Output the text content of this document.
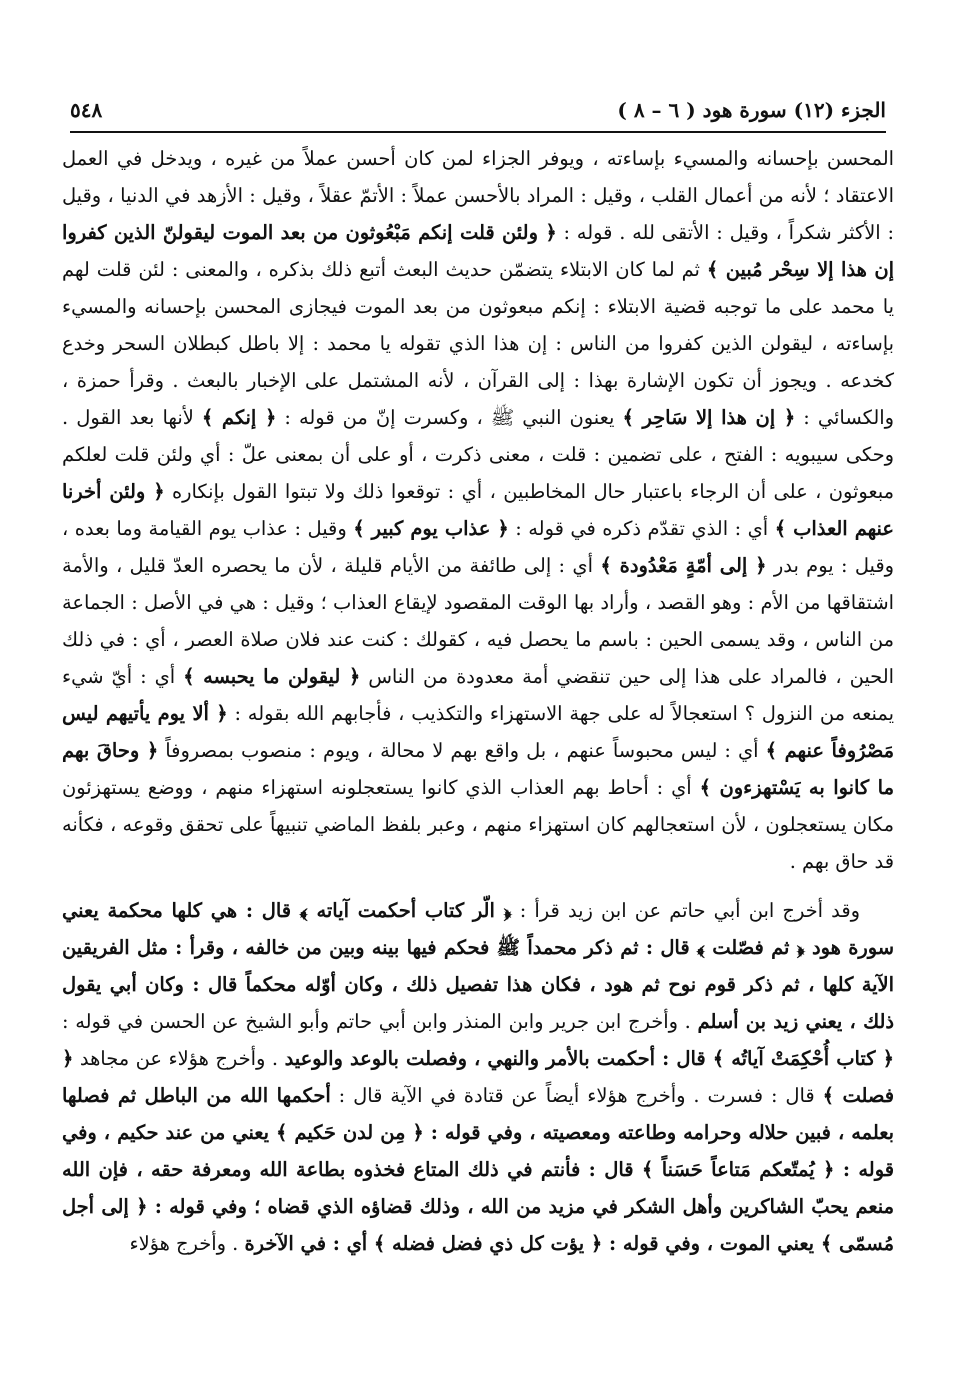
٥٤٨	الجزء (١٢) سورة هود ( ٦ – ٨ )

المحسن بإحسانه والمسيء بإساءته ، ويوفر الجزاء لمن كان أحسن عملاً من غيره ، ويدخل في العمل الاعتقاد ؛ لأنه من أعمال القلب ، وقيل : المراد بالأحسن عملاً : الأتمّ عقلاً ، وقيل : الأزهد في الدنيا ، وقيل : الأكثر شكراً ، وقيل : الأتقى لله . قوله : ﴿ ولئن قلت إنكم مَبْعُوثون من بعد الموت ليقولنّ الذين كفروا إن هذا إلا سِحْر مُبين ﴾ ثم لما كان الابتلاء يتضمّن حديث البعث أتبع ذلك بذكره ، والمعنى : لئن قلت لهم يا محمد على ما توجبه قضية الابتلاء : إنكم مبعوثون من بعد الموت فيجازى المحسن بإحسانه والمسيء بإساءته ، ليقولن الذين كفروا من الناس : إن هذا الذي تقوله يا محمد : إلا باطل كبطلان السحر وخدع كخدعه . ويجوز أن تكون الإشارة بهذا : إلى القرآن ، لأنه المشتمل على الإخبار بالبعث . وقرأ حمزة ، والكسائي : ﴿ إن هذا إلا سَاحِر ﴾ يعنون النبي ﷺ ، وكسرت إنّ من قوله : ﴿ إنكم ﴾ لأنها بعد القول . وحكى سيبويه : الفتح ، على تضمين : قلت ، معنى ذكرت ، أو على أن بمعنى علّ : أي ولئن قلت لعلكم مبعوثون ، على أن الرجاء باعتبار حال المخاطبين ، أي : توقعوا ذلك ولا تبتوا القول بإنكاره ﴿ ولئن أخرنا عنهم العذاب ﴾ أي : الذي تقدّم ذكره في قوله : ﴿ عذاب يوم كبير ﴾ وقيل : عذاب يوم القيامة وما بعده ، وقيل : يوم بدر ﴿ إلى أمّةٍ مَعْدُودة ﴾ أي : إلى طائفة من الأيام قليلة ، لأن ما يحصره العدّ قليل ، والأمة اشتقاقها من الأم : وهو القصد ، وأراد بها الوقت المقصود لإيقاع العذاب ؛ وقيل : هي في الأصل : الجماعة من الناس ، وقد يسمى الحين : باسم ما يحصل فيه ، كقولك : كنت عند فلان صلاة العصر ، أي : في ذلك الحين ، فالمراد على هذا إلى حين تنقضي أمة معدودة من الناس ﴿ ليقولن ما يحبسه ﴾ أي : أيّ شيء يمنعه من النزول ؟ استعجالاً له على جهة الاستهزاء والتكذيب ، فأجابهم الله بقوله : ﴿ ألا يوم يأتيهم ليس مَصْرُوفاً عنهم ﴾ أي : ليس محبوساً عنهم ، بل واقع بهم لا محالة ، ويوم : منصوب بمصروفاً ﴿ وحاقَ بهم ما كانوا به يَسْتهزءون ﴾ أي : أحاط بهم العذاب الذي كانوا يستعجلونه استهزاء منهم ، ووضع يستهزئون مكان يستعجلون ، لأن استعجالهم كان استهزاء منهم ، وعبر بلفظ الماضي تنبيهاً على تحقق وقوعه ، فكأنه قد حاق بهم .

وقد أخرج ابن أبي حاتم عن ابن زيد قرأ : ﴿ الّر كتاب أحكمت آياته ﴾ قال : هي كلها محكمة يعني سورة هود ﴿ ثم فصّلت ﴾ قال : ثم ذكر محمداً ﷺ فحكم فيها بينه وبين من خالفه ، وقرأ : مثل الفريقين الآية كلها ، ثم ذكر قوم نوح ثم هود ، فكان هذا تفصيل ذلك ، وكان أوّله محكماً قال : وكان أبي يقول ذلك ، يعني زيد بن أسلم . وأخرج ابن جرير وابن المنذر وابن أبي حاتم وأبو الشيخ عن الحسن في قوله : ﴿ كتاب أُحْكِمَتْ آياتُه ﴾ قال : أحكمت بالأمر والنهي ، وفصلت بالوعد والوعيد . وأخرج هؤلاء عن مجاهد ﴿ فصلت ﴾ قال : فسرت . وأخرج هؤلاء أيضاً عن قتادة في الآية قال : أحكمها الله من الباطل ثم فصلها بعلمه ، فبين حلاله وحرامه وطاعته ومعصيته ، وفي قوله : ﴿ مِن لدن حَكيم ﴾ يعني من عند حكيم ، وفي قوله : ﴿ يُمتّعكم مَتاعاً حَسَناً ﴾ قال : فأنتم في ذلك المتاع فخذوه بطاعة الله ومعرفة حقه ، فإن الله منعم يحبّ الشاكرين وأهل الشكر في مزيد من الله ، وذلك قضاؤه الذي قضاه ؛ وفي قوله : ﴿ إلى أجل مُسمّى ﴾ يعني الموت ، وفي قوله : ﴿ يؤت كل ذي فضل فضله ﴾ أي : في الآخرة . وأخرج هؤلاء
